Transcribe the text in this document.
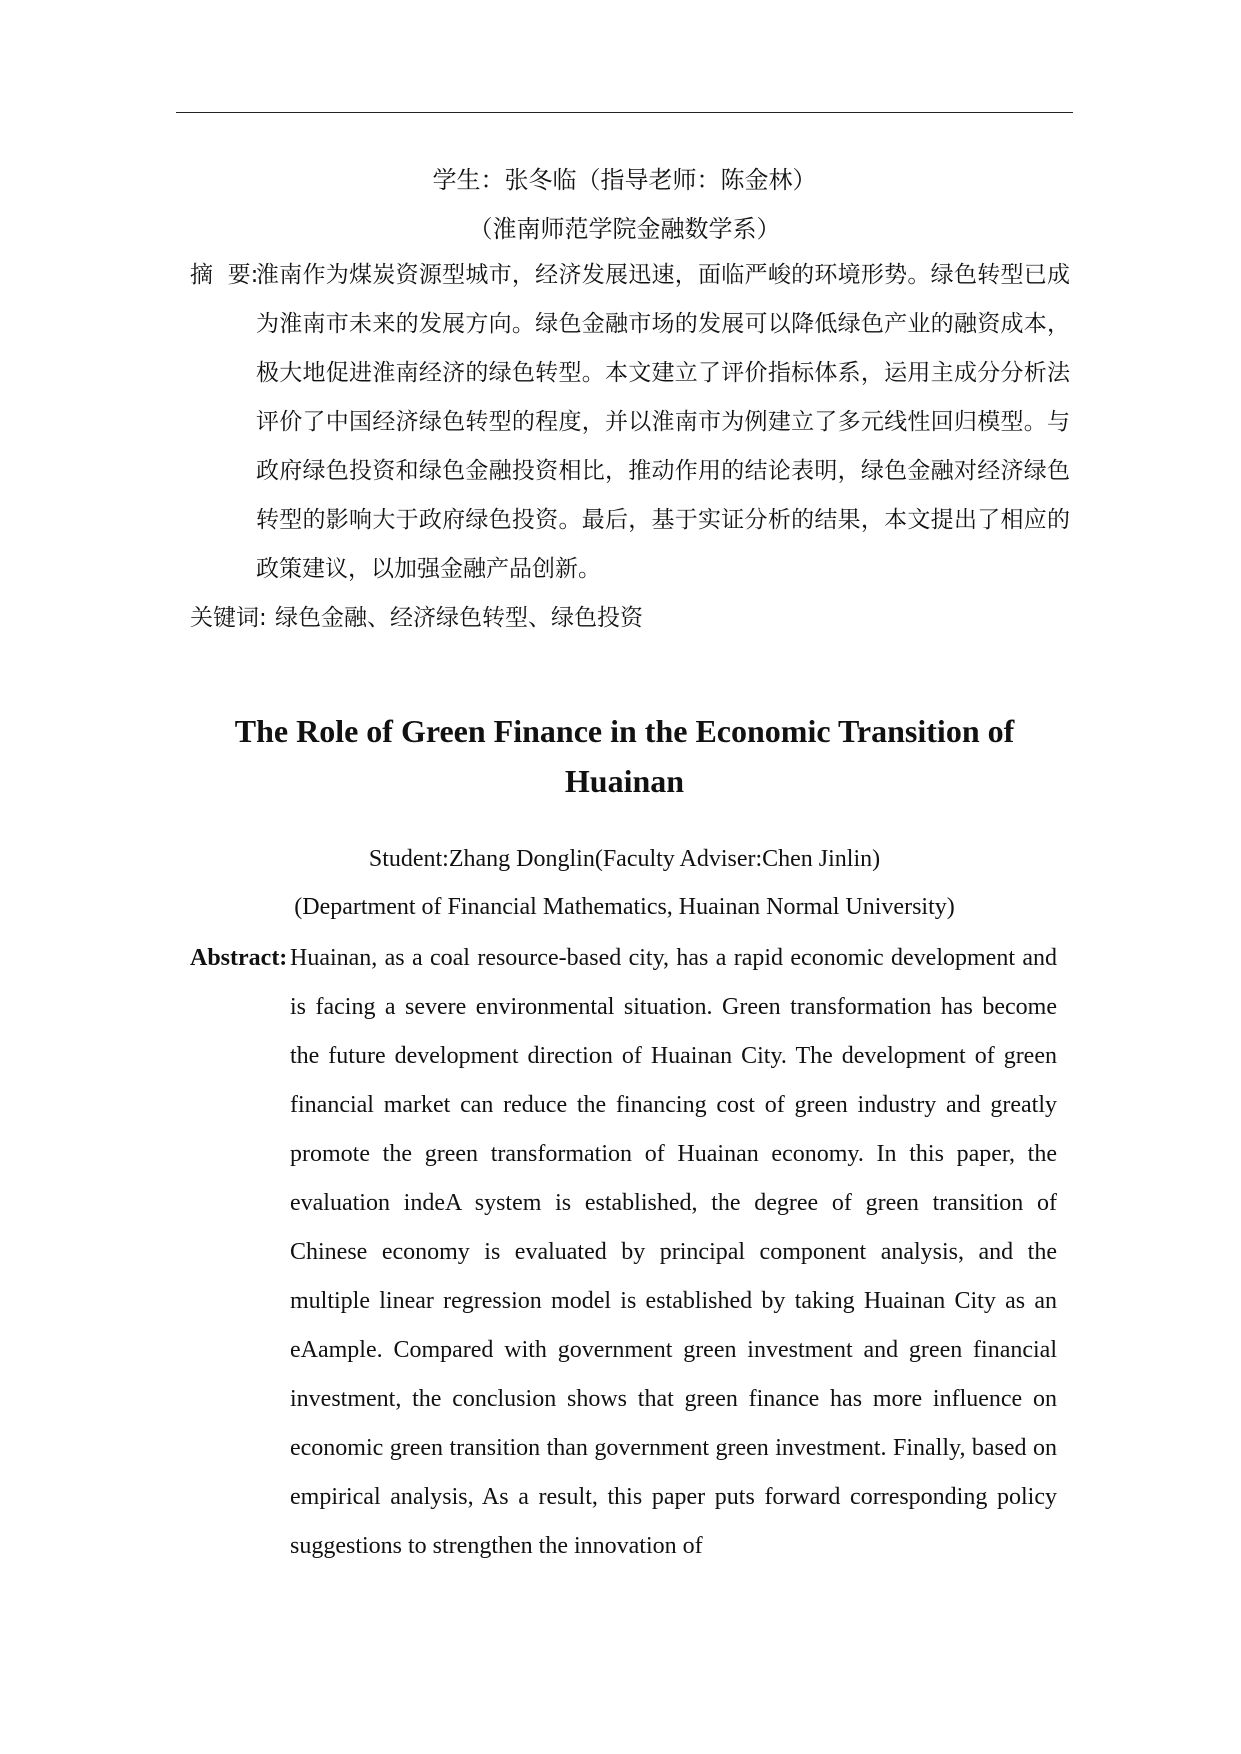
学生：张冬临（指导老师：陈金林）
（淮南师范学院金融数学系）
摘  要:
淮南作为煤炭资源型城市，经济发展迅速，面临严峻的环境形势。绿色转型已成为淮南市未来的发展方向。绿色金融市场的发展可以降低绿色产业的融资成本，极大地促进淮南经济的绿色转型。本文建立了评价指标体系，运用主成分分析法评价了中国经济绿色转型的程度，并以淮南市为例建立了多元线性回归模型。与政府绿色投资和绿色金融投资相比，推动作用的结论表明，绿色金融对经济绿色转型的影响大于政府绿色投资。最后，基于实证分析的结果，本文提出了相应的政策建议，以加强金融产品创新。
关键词: 绿色金融、经济绿色转型、绿色投资
The Role of Green Finance in the Economic Transition of Huainan
Student:Zhang Donglin(Faculty Adviser:Chen Jinlin)
(Department of Financial Mathematics, Huainan Normal University)
Abstract: Huainan, as a coal resource-based city, has a rapid economic development and is facing a severe environmental situation. Green transformation has become the future development direction of Huainan City. The development of green financial market can reduce the financing cost of green industry and greatly promote the green transformation of Huainan economy. In this paper, the evaluation indeA system is established, the degree of green transition of Chinese economy is evaluated by principal component analysis, and the multiple linear regression model is established by taking Huainan City as an eAample. Compared with government green investment and green financial investment, the conclusion shows that green finance has more influence on economic green transition than government green investment. Finally, based on empirical analysis, As a result, this paper puts forward corresponding policy suggestions to strengthen the innovation of
